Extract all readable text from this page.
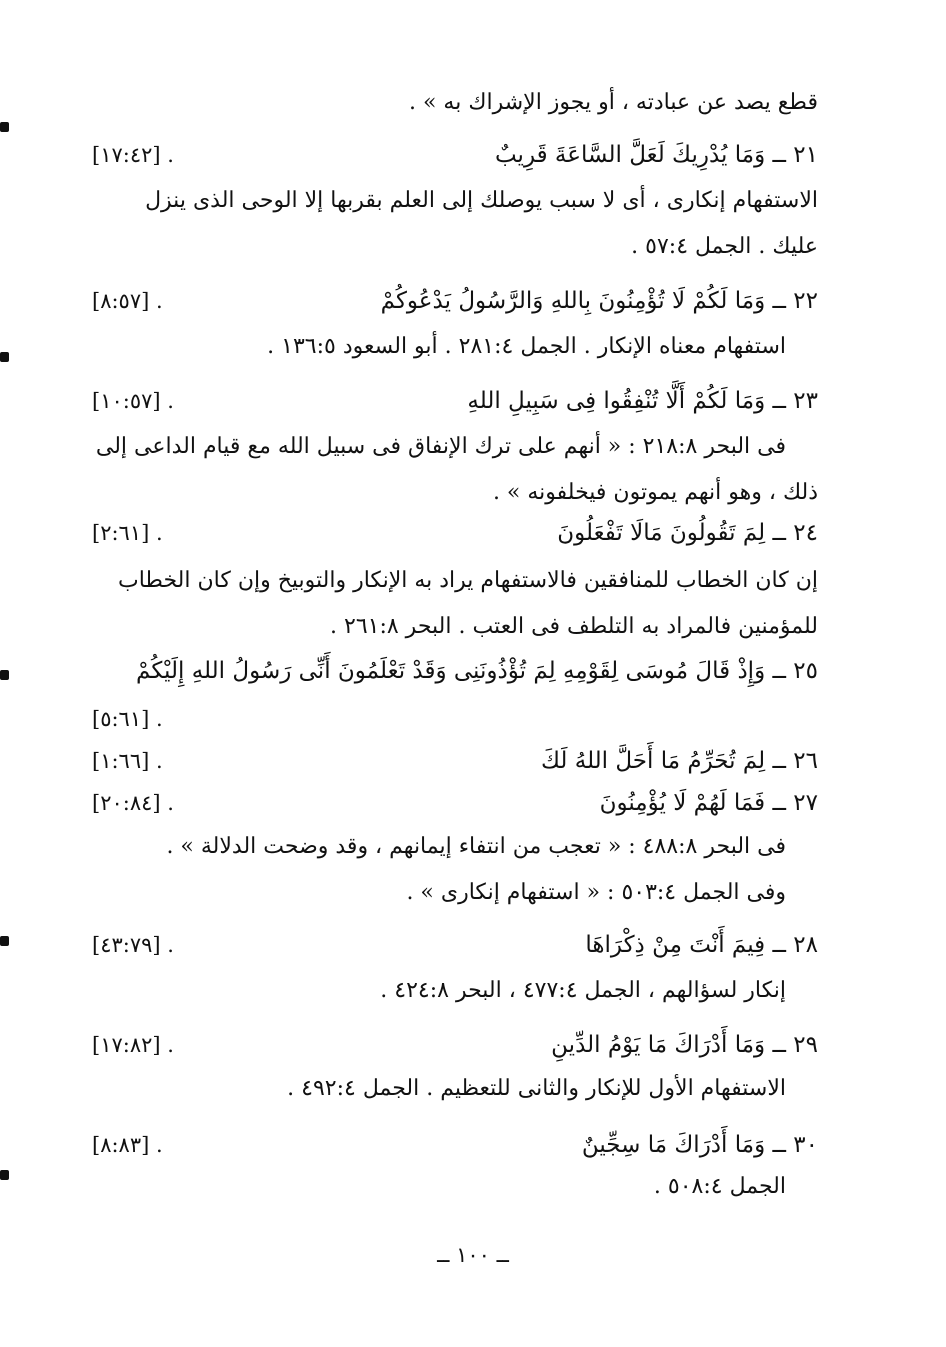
قطع يصد عن عبادته ، أو يجوز الإشراك به » .
٢١ ــ وَمَا يُدْرِيكَ لَعَلَّ السَّاعَةَ قَرِيبٌ
[١٧:٤٢] .
الاستفهام إنكارى ، أى لا سبب يوصلك إلى العلم بقربها إلا الوحى الذى ينزل
عليك . الجمل ٥٧:٤ .
٢٢ ــ وَمَا لَكُمْ لَا تُؤْمِنُونَ بِاللهِ وَالرَّسُولُ يَدْعُوكُمْ
[٨:٥٧] .
استفهام معناه الإنكار . الجمل ٢٨١:٤ . أبو السعود ١٣٦:٥ .
٢٣ ــ وَمَا لَكُمْ أَلَّا تُنْفِقُوا فِى سَبِيلِ اللهِ
[١٠:٥٧] .
فى البحر ٢١٨:٨ : « أنهم على ترك الإنفاق فى سبيل الله مع قيام الداعى إلى
ذلك ، وهو أنهم يموتون فيخلفونه » .
٢٤ ــ لِمَ تَقُولُونَ مَالَا تَفْعَلُونَ
[٢:٦١] .
إن كان الخطاب للمنافقين فالاستفهام يراد به الإنكار والتوبيخ وإن كان الخطاب
للمؤمنين فالمراد به التلطف فى العتب . البحر ٢٦١:٨ .
٢٥ ــ وَإِذْ قَالَ مُوسَى لِقَوْمِهِ لِمَ تُؤْذُونَنِى وَقَدْ تَعْلَمُونَ أَنِّى رَسُولُ اللهِ إِلَيْكُمْ
[٥:٦١] .
٢٦ ــ لِمَ تُحَرِّمُ مَا أَحَلَّ اللهُ لَكَ
[١:٦٦] .
٢٧ ــ فَمَا لَهُمْ لَا يُؤْمِنُونَ
[٢٠:٨٤] .
فى البحر ٤٨٨:٨ : « تعجب من انتفاء إيمانهم ، وقد وضحت الدلالة » .
وفى الجمل ٥٠٣:٤ : « استفهام إنكارى » .
٢٨ ــ فِيمَ أَنْتَ مِنْ ذِكْرَاهَا
[٤٣:٧٩] .
إنكار لسؤالهم ، الجمل ٤٧٧:٤ ، البحر ٤٢٤:٨ .
٢٩ ــ وَمَا أَدْرَاكَ مَا يَوْمُ الدِّينِ
[١٧:٨٢] .
الاستفهام الأول للإنكار والثانى للتعظيم . الجمل ٤٩٢:٤ .
٣٠ ــ وَمَا أَدْرَاكَ مَا سِجِّينٌ
[٨:٨٣] .
الجمل ٥٠٨:٤ .
ــ ١٠٠ ــ
